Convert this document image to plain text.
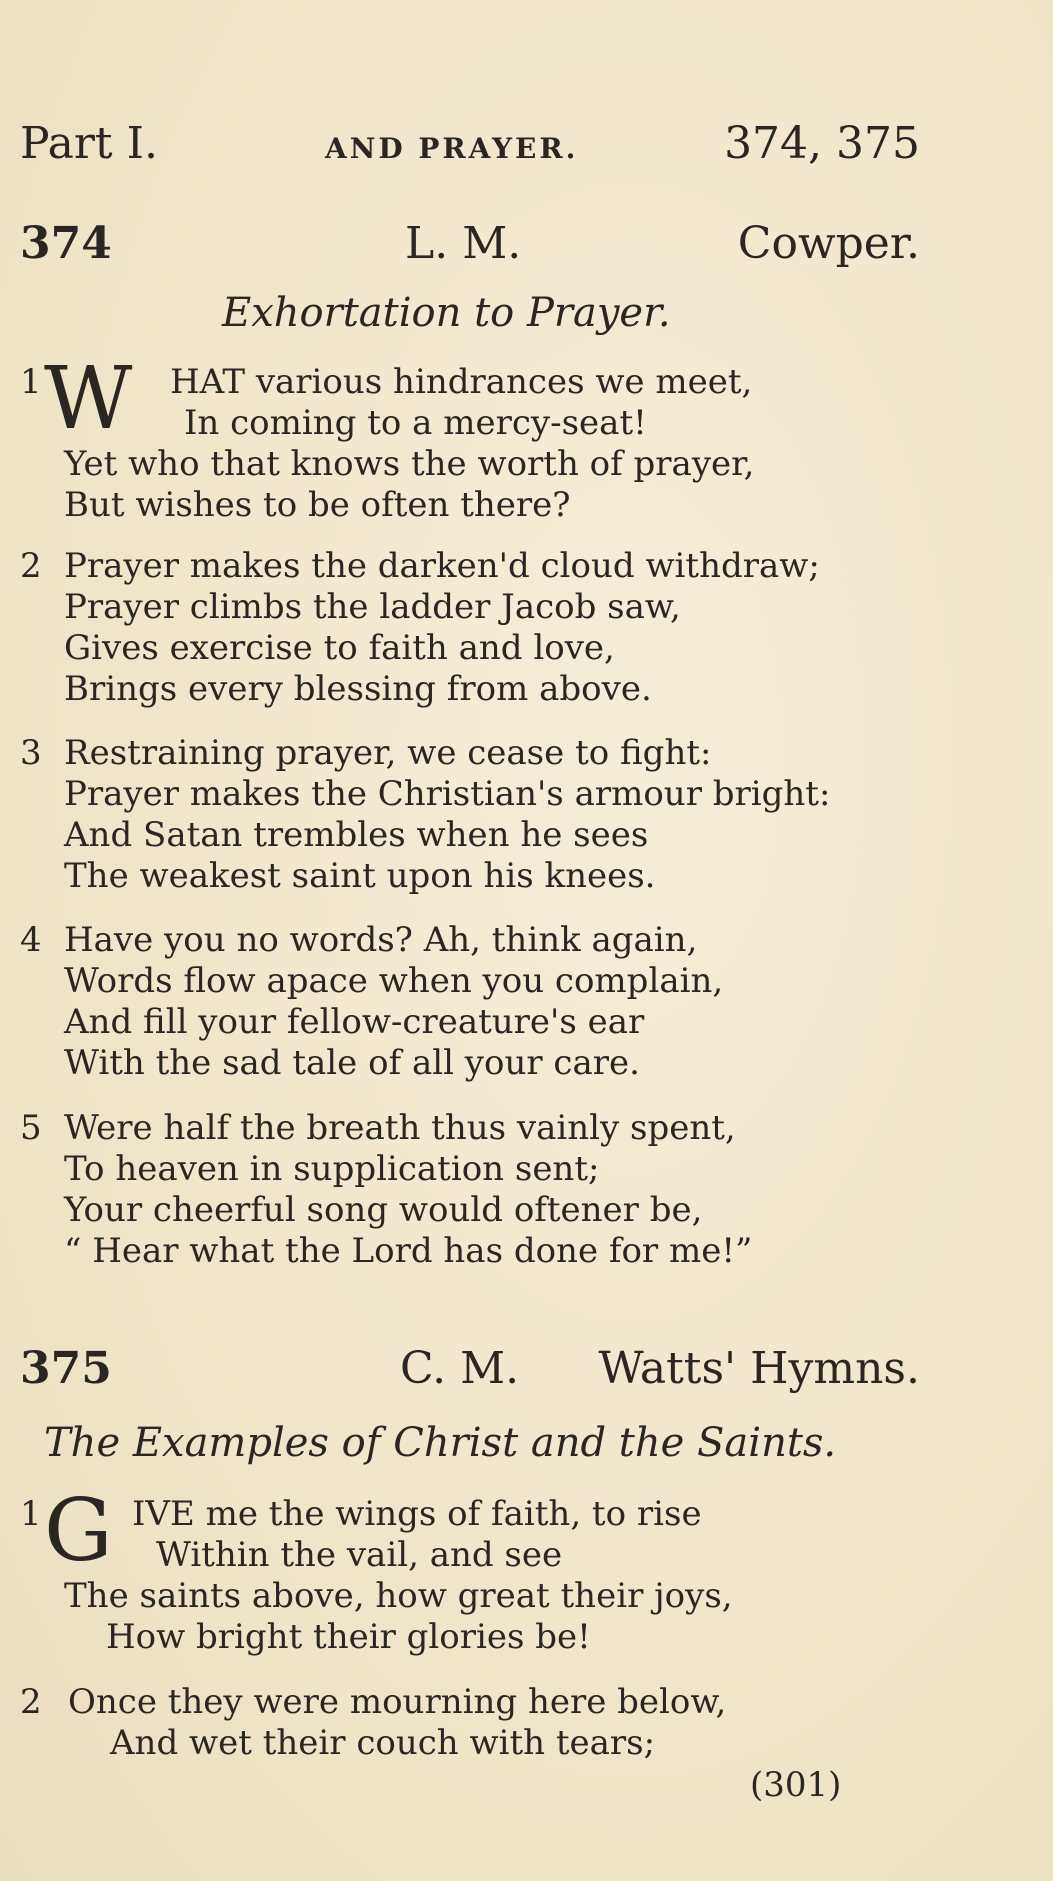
Part I.	AND PRAYER.	374, 375
374	L. M.	Cowper.
Exhortation to Prayer.
1 W	HAT various hindrances we meet,
In coming to a mercy-seat!
Yet who that knows the worth of prayer,
But wishes to be often there?
2 Prayer makes the darken'd cloud withdraw;
Prayer climbs the ladder Jacob saw,
Gives exercise to faith and love,
Brings every blessing from above.
3 Restraining prayer, we cease to fight:
Prayer makes the Christian's armour bright:
And Satan trembles when he sees
The weakest saint upon his knees.
4 Have you no words? Ah, think again,
Words flow apace when you complain,
And fill your fellow-creature's ear
With the sad tale of all your care.
5 Were half the breath thus vainly spent,
To heaven in supplication sent;
Your cheerful song would oftener be,
“ Hear what the Lord has done for me!”
375	C. M. Watts' Hymns.
The Examples of Christ and the Saints.
1 G IVE me the wings of faith, to rise
Within the vail, and see
The saints above, how great their joys,
How bright their glories be!
2 Once they were mourning here below,
And wet their couch with tears;
(301)
